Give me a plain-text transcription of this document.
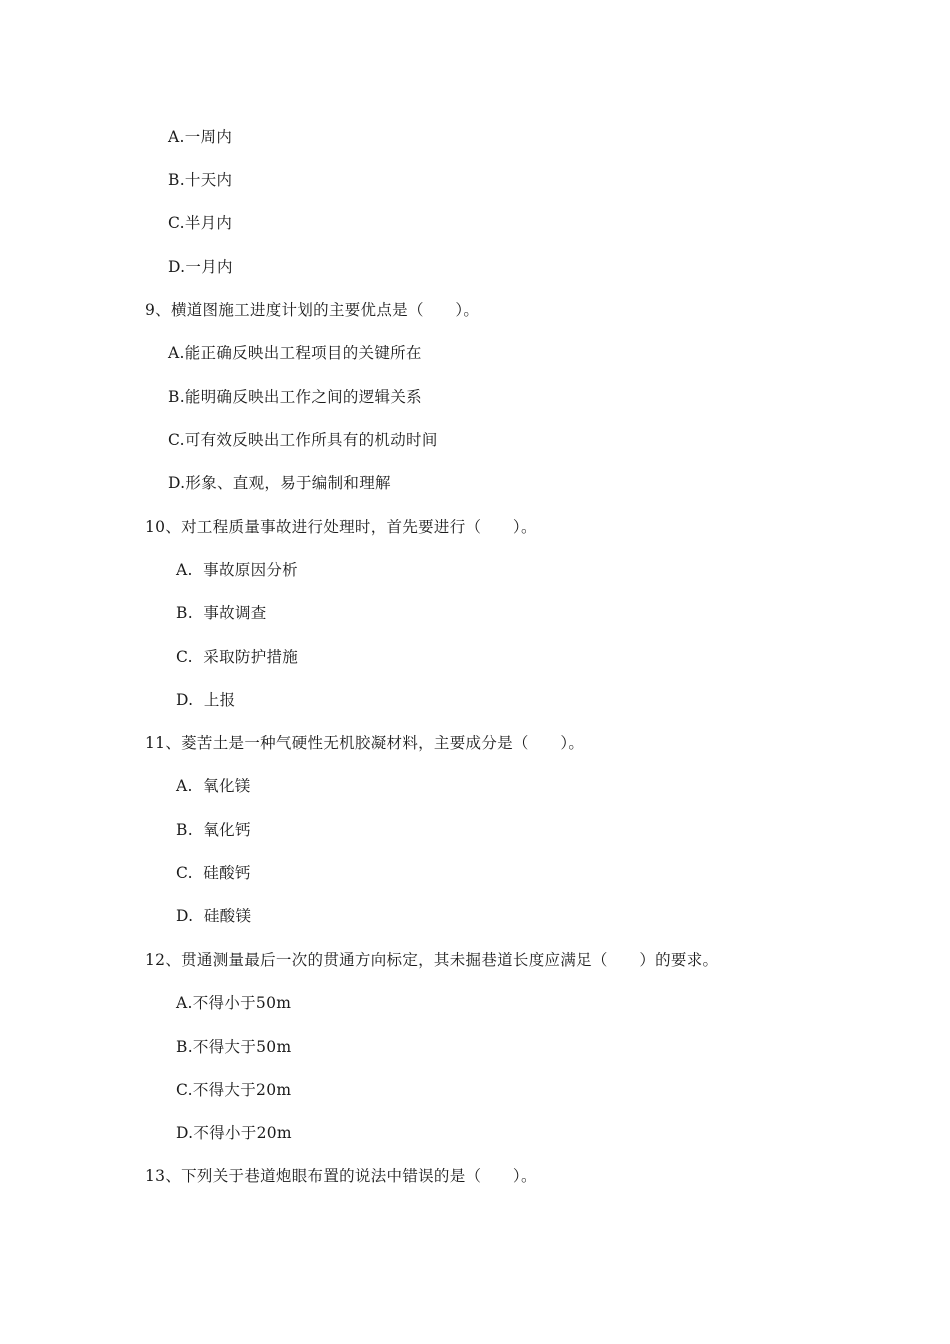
A.一周内
B.十天内
C.半月内
D.一月内
9、横道图施工进度计划的主要优点是（　　）。
A.能正确反映出工程项目的关键所在
B.能明确反映出工作之间的逻辑关系
C.可有效反映出工作所具有的机动时间
D.形象、直观，易于编制和理解
10、对工程质量事故进行处理时，首先要进行（　　）。
A.  事故原因分析
B.  事故调查
C.  采取防护措施
D.  上报
11、菱苦土是一种气硬性无机胶凝材料，主要成分是（　　）。
A.  氧化镁
B.  氧化钙
C.  硅酸钙
D.  硅酸镁
12、贯通测量最后一次的贯通方向标定，其未掘巷道长度应满足（　　）的要求。
A.不得小于50m
B.不得大于50m
C.不得大于20m
D.不得小于20m
13、下列关于巷道炮眼布置的说法中错误的是（　　）。
